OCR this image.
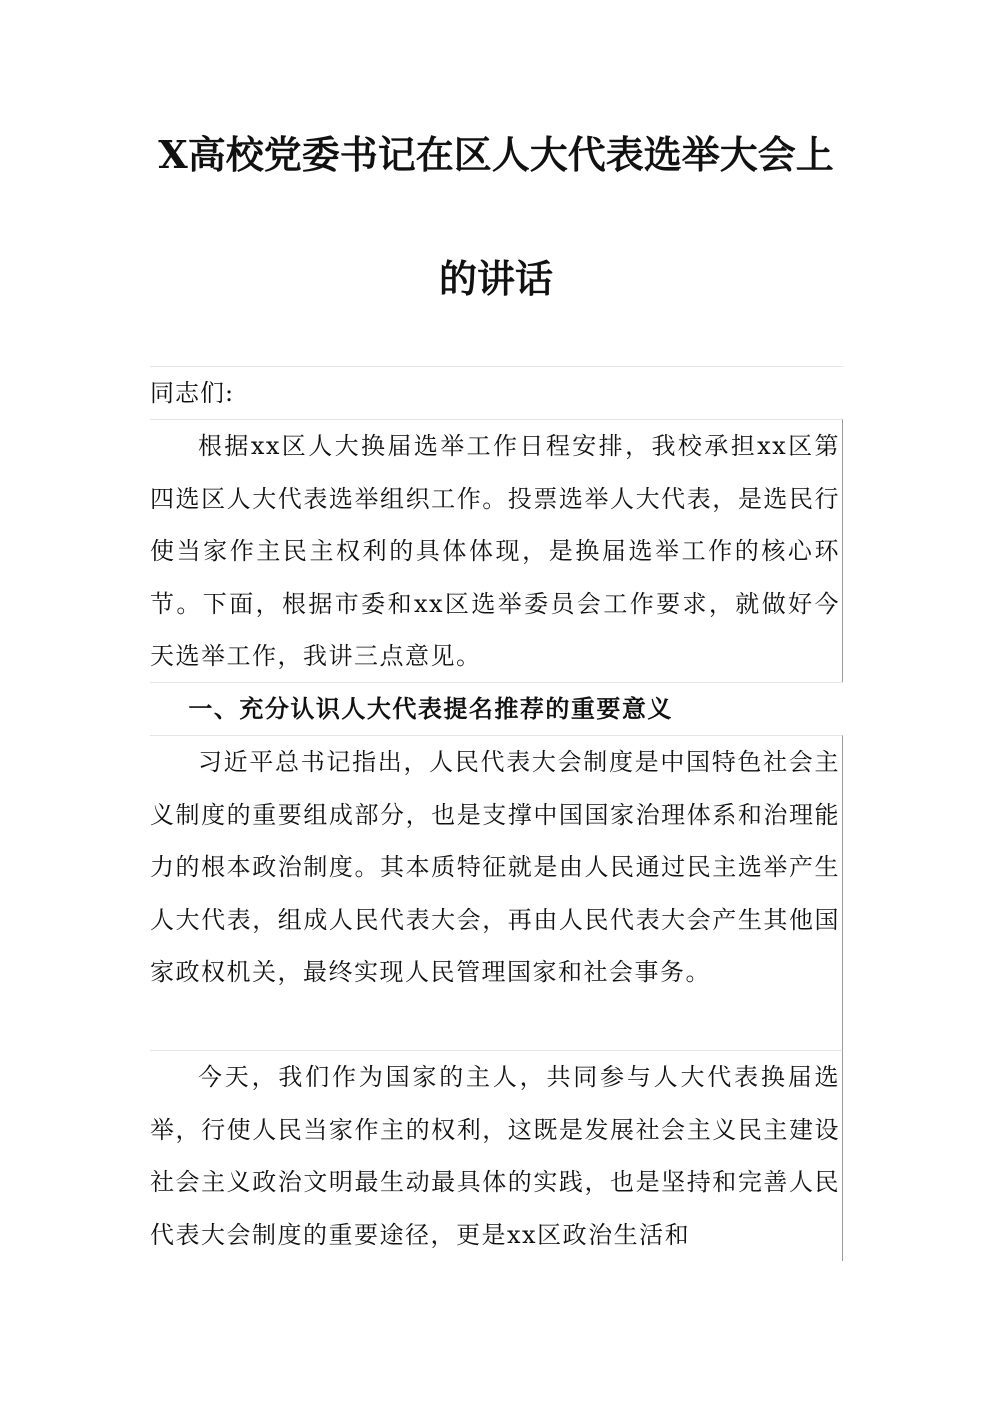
X高校党委书记在区人大代表选举大会上
的讲话

同志们:

根据xx区人大换届选举工作日程安排，我校承担xx区第四选区人大代表选举组织工作。投票选举人大代表，是选民行使当家作主民主权利的具体体现，是换届选举工作的核心环节。下面，根据市委和xx区选举委员会工作要求，就做好今天选举工作，我讲三点意见。

一、充分认识人大代表提名推荐的重要意义

习近平总书记指出，人民代表大会制度是中国特色社会主义制度的重要组成部分，也是支撑中国国家治理体系和治理能力的根本政治制度。其本质特征就是由人民通过民主选举产生人大代表，组成人民代表大会，再由人民代表大会产生其他国家政权机关，最终实现人民管理国家和社会事务。

今天，我们作为国家的主人，共同参与人大代表换届选举，行使人民当家作主的权利，这既是发展社会主义民主建设社会主义政治文明最生动最具体的实践，也是坚持和完善人民代表大会制度的重要途径，更是xx区政治生活和
